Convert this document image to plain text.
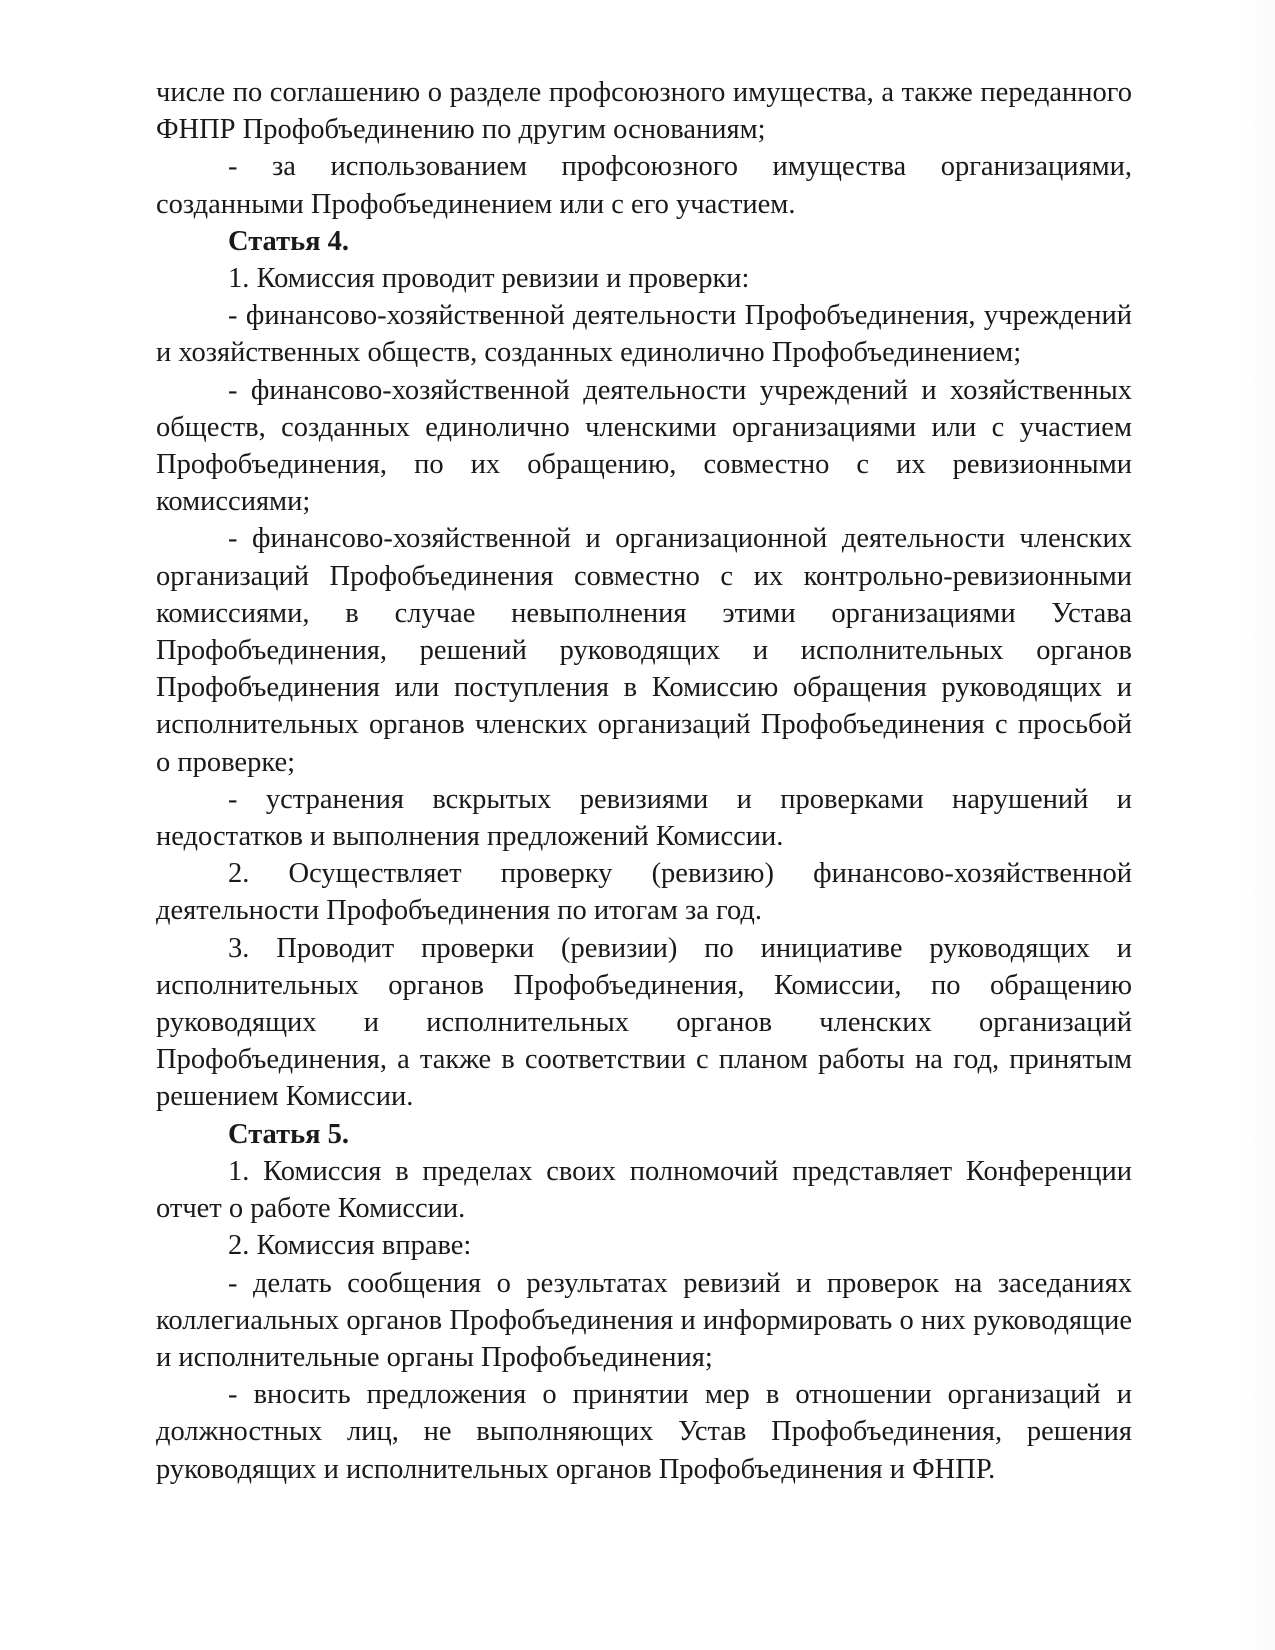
числе по соглашению о разделе профсоюзного имущества, а также переданного ФНПР Профобъединению по другим основаниям;

- за использованием профсоюзного имущества организациями, созданными Профобъединением или с его участием.

Статья 4.

1. Комиссия проводит ревизии и проверки:

- финансово-хозяйственной деятельности Профобъединения, учреждений и хозяйственных обществ, созданных единолично Профобъединением;

- финансово-хозяйственной деятельности учреждений и хозяйственных обществ, созданных единолично членскими организациями или с участием Профобъединения, по их обращению, совместно с их ревизионными комиссиями;

- финансово-хозяйственной и организационной деятельности членских организаций Профобъединения совместно с их контрольно-ревизионными комиссиями, в случае невыполнения этими организациями Устава Профобъединения, решений руководящих и исполнительных органов Профобъединения или поступления в Комиссию обращения руководящих и исполнительных органов членских организаций Профобъединения с просьбой о проверке;

- устранения вскрытых ревизиями и проверками нарушений и недостатков и выполнения предложений Комиссии.

2. Осуществляет проверку (ревизию) финансово-хозяйственной деятельности Профобъединения по итогам за год.

3. Проводит проверки (ревизии) по инициативе руководящих и исполнительных органов Профобъединения, Комиссии, по обращению руководящих и исполнительных органов членских организаций Профобъединения, а также в соответствии с планом работы на год, принятым решением Комиссии.

Статья 5.

1. Комиссия в пределах своих полномочий представляет Конференции отчет о работе Комиссии.

2. Комиссия вправе:

- делать сообщения о результатах ревизий и проверок на заседаниях коллегиальных органов Профобъединения и информировать о них руководящие и исполнительные органы Профобъединения;

- вносить предложения о принятии мер в отношении организаций и должностных лиц, не выполняющих Устав Профобъединения, решения руководящих и исполнительных органов Профобъединения и ФНПР.
